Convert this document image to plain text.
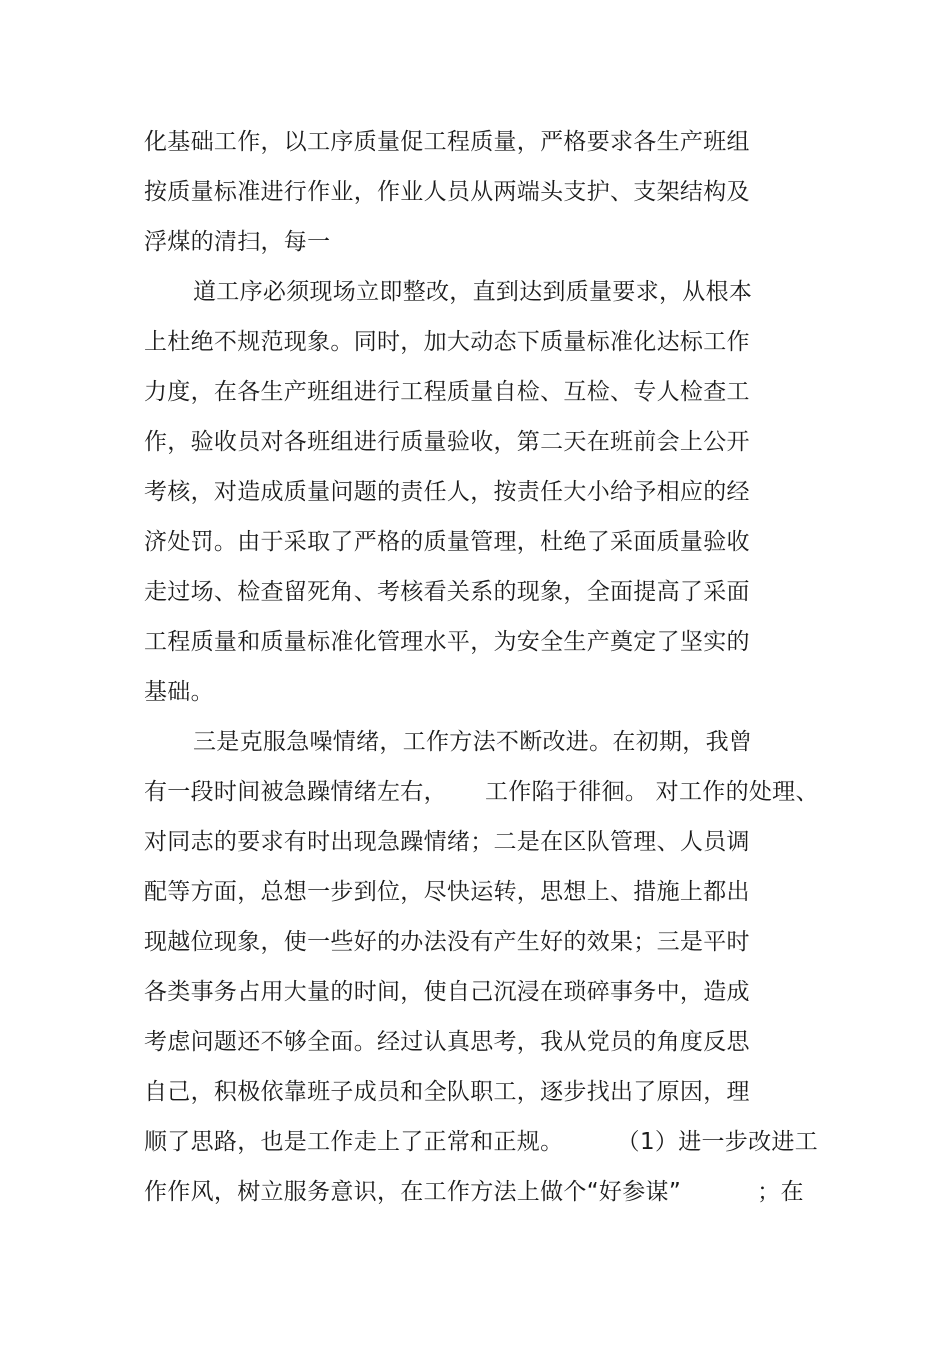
化基础工作，以工序质量促工程质量，严格要求各生产班组

按质量标准进行作业，作业人员从两端头支护、支架结构及

浮煤的清扫，每一

道工序必须现场立即整改，直到达到质量要求，从根本

上杜绝不规范现象。同时，加大动态下质量标准化达标工作

力度，在各生产班组进行工程质量自检、互检、专人检查工

作，验收员对各班组进行质量验收，第二天在班前会上公开

考核，对造成质量问题的责任人，按责任大小给予相应的经

济处罚。由于采取了严格的质量管理，杜绝了采面质量验收

走过场、检查留死角、考核看关系的现象，全面提高了采面

工程质量和质量标准化管理水平，为安全生产奠定了坚实的

基础。

三是克服急噪情绪，工作方法不断改进。在初期，我曾

有一段时间被急躁情绪左右，     工作陷于徘徊。 对工作的处理、

对同志的要求有时出现急躁情绪；二是在区队管理、人员调

配等方面，总想一步到位，尽快运转，思想上、措施上都出

现越位现象，使一些好的办法没有产生好的效果；三是平时

各类事务占用大量的时间，使自己沉浸在琐碎事务中，造成

考虑问题还不够全面。经过认真思考，我从党员的角度反思

自己，积极依靠班子成员和全队职工，逐步找出了原因，理

顺了思路，也是工作走上了正常和正规。       （1）进一步改进工

作作风，树立服务意识，在工作方法上做个“好参谋”          ；在
